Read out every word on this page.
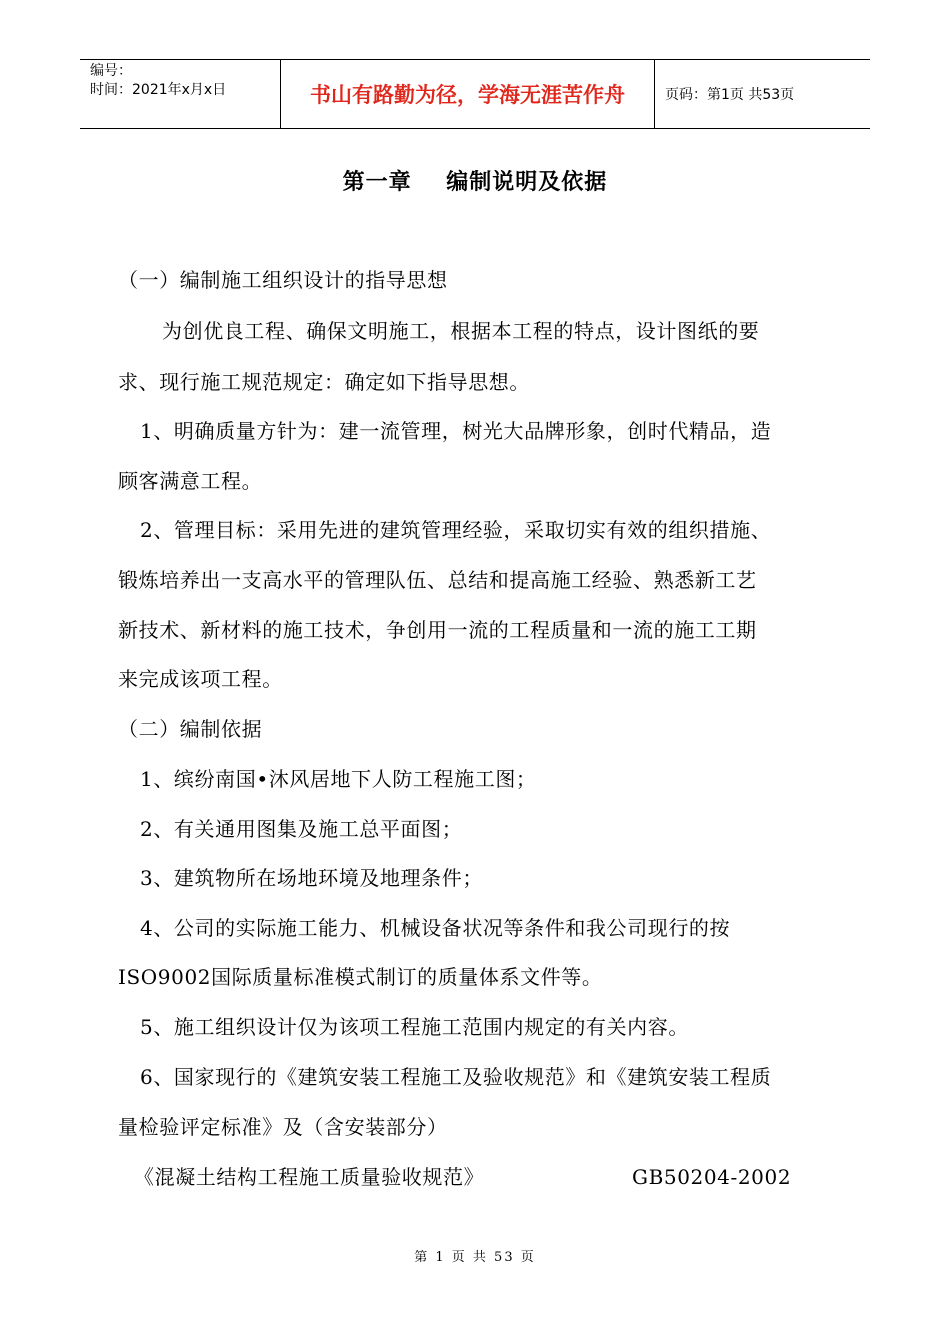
编号：
时间：2021年x月x日	书山有路勤为径，学海无涯苦作舟	页码：第1页 共53页
第一章    编制说明及依据

（一）编制施工组织设计的指导思想

为创优良工程、确保文明施工，根据本工程的特点，设计图纸的要

求、现行施工规范规定：确定如下指导思想。

1、明确质量方针为：建一流管理，树光大品牌形象，创时代精品，造

顾客满意工程。

2、管理目标：采用先进的建筑管理经验，采取切实有效的组织措施、

锻炼培养出一支高水平的管理队伍、总结和提高施工经验、熟悉新工艺

新技术、新材料的施工技术，争创用一流的工程质量和一流的施工工期

来完成该项工程。

（二）编制依据

1、缤纷南国•沐风居地下人防工程施工图；

2、有关通用图集及施工总平面图；

3、建筑物所在场地环境及地理条件；

4、公司的实际施工能力、机械设备状况等条件和我公司现行的按

ISO9002国际质量标准模式制订的质量体系文件等。

5、施工组织设计仅为该项工程施工范围内规定的有关内容。

6、国家现行的《建筑安装工程施工及验收规范》和《建筑安装工程质

量检验评定标准》及（含安装部分）

《混凝土结构工程施工质量验收规范》	GB50204-2002

第 1 页 共 53 页
